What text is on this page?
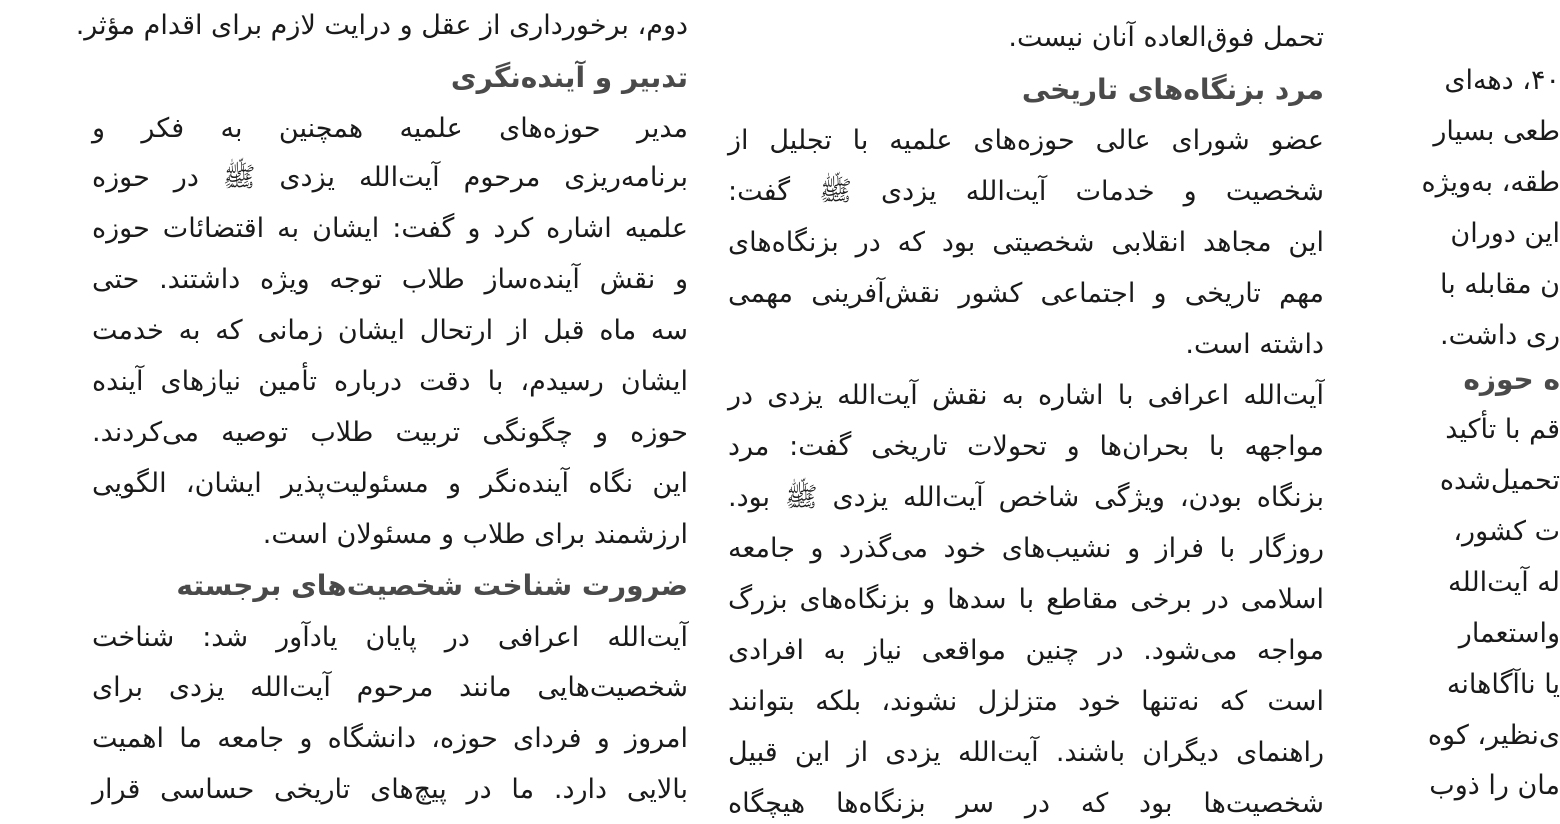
دوم، برخورداری از عقل و درایت لازم برای اقدام مؤثر.
تدبیر و آینده‌نگری
مدیر حوزه‌های علمیه همچنین به فکر و
برنامه‌ریزی مرحوم آیت‌الله یزدی ﷺ در حوزه
علمیه اشاره کرد و گفت: ایشان به اقتضائات حوزه
و نقش آینده‌ساز طلاب توجه ویژه داشتند. حتی
سه ماه قبل از ارتحال ایشان زمانی که به خدمت
ایشان رسیدم، با دقت درباره تأمین نیازهای آینده
حوزه و چگونگی تربیت طلاب توصیه می‌کردند.
این نگاه آینده‌نگر و مسئولیت‌پذیر ایشان، الگویی
ارزشمند برای طلاب و مسئولان است.
ضرورت شناخت شخصیت‌های برجسته
آیت‌الله اعرافی در پایان یادآور شد: شناخت
شخصیت‌هایی مانند مرحوم آیت‌الله یزدی برای
امروز و فردای حوزه، دانشگاه و جامعه ما اهمیت
بالایی دارد. ما در پیچ‌های تاریخی حساسی قرار
تحمل فوق‌العاده آنان نیست.
مرد بزنگاه‌های تاریخی
عضو شورای عالی حوزه‌های علمیه با تجلیل از
شخصیت و خدمات آیت‌الله یزدی ﷺ گفت:
این مجاهد انقلابی شخصیتی بود که در بزنگاه‌های
مهم تاریخی و اجتماعی کشور نقش‌آفرینی مهمی
داشته است.
آیت‌الله اعرافی با اشاره به نقش آیت‌الله یزدی در
مواجهه با بحران‌ها و تحولات تاریخی گفت: مرد
بزنگاه بودن، ویژگی شاخص آیت‌الله یزدی ﷺ بود.
روزگار با فراز و نشیب‌های خود می‌گذرد و جامعه
اسلامی در برخی مقاطع با سدها و بزنگاه‌های بزرگ
مواجه می‌شود. در چنین مواقعی نیاز به افرادی
است که نه‌تنها خود متزلزل نشوند، بلکه بتوانند
راهنمای دیگران باشند. آیت‌الله یزدی از این قبیل
شخصیت‌ها بود که در سر بزنگاه‌ها هیچگاه
۴۰، دهه‌ای
طعی بسیار
طقه، به‌ویژه
این دوران
ن مقابله با
ری داشت.
ه حوزه
قم با تأکید
تحمیل‌شده
ت کشور،
له آیت‌الله
واستعمار
یا ناآگاهانه
ی‌نظیر، کوه
مان را ذوب
